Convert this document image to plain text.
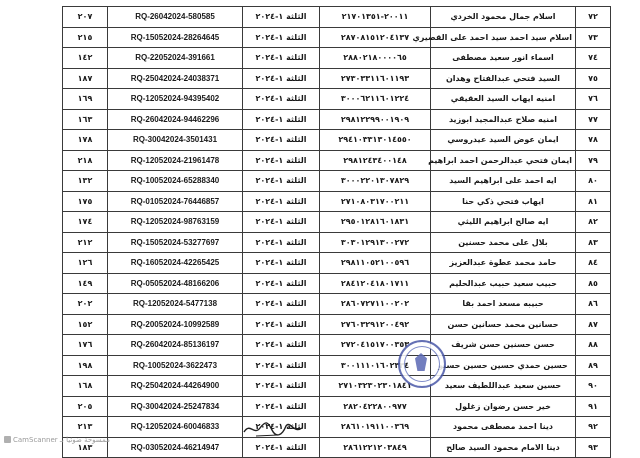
٢٠٧	RQ-26042024-580585	الثلثة ١-٢٠٢٤	٢٠٠١١-٢١٧٠١٣٥١	اسلام جمال محمود الخردي	٧٢
٢١٥	RQ-15052024-28264645	الثلثة ١-٢٠٢٤	٢٨٧٠٨١٥١٢٠٤١٣٧	اسلام سيد احمد سيد احمد على القصيري	٧٣
١٤٢	RQ-22052024-391661	الثلثة ١-٢٠٢٤	٢٨٨٠٢١٨٠٠٠٠٦٥	اسماء انور سعيد مصطفى	٧٤
١٨٧	RQ-25042024-24038371	الثلثة ١-٢٠٢٤	٢٧٣٠٣٣١١٦٠١١٩٣	السيد فتحي عبدالفتاح وهدان	٧٥
١٦٩	RQ-12052024-94395402	الثلثة ١-٢٠٢٤	٣٠٠٠٦٢١١٦٠١٢٢٤	امنيه ايهاب السيد العقيقي	٧٦
١٦٣	RQ-26042024-94462296	الثلثة ١-٢٠٢٤	٢٩٨١٢٢٩٩٠٠١٩٠٩	امنيه صلاح عبدالمجيد ابوزيد	٧٧
١٧٨	RQ-30042024-3501431	الثلثة ١-٢٠٢٤	٢٩٤١٠٣٣١٣٠١٤٥٥٠	ايمان عوض السيد عيدروسي	٧٨
٢١٨	RQ-12052024-21961478	الثلثة ١-٢٠٢٤	٢٩٨١٢٤٣٤٠٠١٤٨	ايمان فتحي عبدالرحمن احمد ابراهيم	٧٩
١٣٢	RQ-10052024-65288340	الثلثة ١-٢٠٢٤	٣٠٠٠٢٢٠١٣٠٧٨٢٩	ايه احمد على ابراهيم السيد	٨٠
١٧٥	RQ-01052024-76446857	الثلثة ١-٢٠٢٤	٢٧١٠٨٠٣١٧٠٠٢١١	ايهاب فتحي ذكي حنا	٨١
١٧٤	RQ-12052024-98763159	الثلثة ١-٢٠٢٤	٢٩٥٠١٢٨١٦٠١٨٣١	ايه صالح ابراهيم الليثي	٨٢
٢١٢	RQ-15052024-53277697	الثلثة ١-٢٠٢٤	٣٠٣٠١٢٩١٣٠٠٢٧٢	بلال على محمد حسنين	٨٣
١٢٦	RQ-16052024-42265425	الثلثة ١-٢٠٢٤	٢٩٨١١٠٥٢١٠٠٥٩٦	حامد محمد عطوة عبدالعزيز	٨٤
١٤٩	RQ-05052024-48166206	الثلثة ١-٢٠٢٤	٢٨٤١٢٠٤١٨٠١٧١١	حبيب سعيد حبيب عبدالحليم	٨٥
٢٠٢	RQ-12052024-5477138	الثلثة ١-٢٠٢٤	٢٨٦٠٧٢٧١١٠٠٢٠٢	حبيبه مسعد احمد بقا	٨٦
١٥٢	RQ-20052024-10992589	الثلثة ١-٢٠٢٤	٢٧٦٠٣٢٩١٢٠٠٤٩٢	حسانين محمد حسانين حسن	٨٧
١٧٦	RQ-26042024-85136197	الثلثة ١-٢٠٢٤	٢٧٢٠٤١٥١٧٠٠٣٥٣	حسن حسنين حسن شريف	٨٨
١٩٨	RQ-10052024-3622473	الثلثة ١-٢٠٢٤	٣٠٠١١١٠١٦٠٢٣٣٤	حسين حمدي حسين حسين حسبو	٨٩
١٦٨	RQ-25042024-44264900	الثلثة ١-٢٠٢٤	٢٧١٠٣٢٣٠٢٣٠١٨٤١	حسين سعيد عبداللطيف سعيد	٩٠
٢٠٥	RQ-30042024-25247834	الثلثة ١-٢٠٢٤	٢٨٢٠٤٢٢٨٠٠٩٧٧	خير حسن رضوان زغلول	٩١
٢١٣	RQ-12052024-60046833	الثلثة ١-٢٠٢٤	٢٨٦١٠١٩١١٠٠٣٦٩	دينا احمد مصطفى محمود	٩٢
١٨٣	RQ-03052024-46214947	الثلثة ١-٢٠٢٤	٢٨٦١٢٢١٢٠٣٨٤٩	دينا الامام محمود السيد صالح	٩٣
CamScanner ممسوحة ضوئيا بـ
